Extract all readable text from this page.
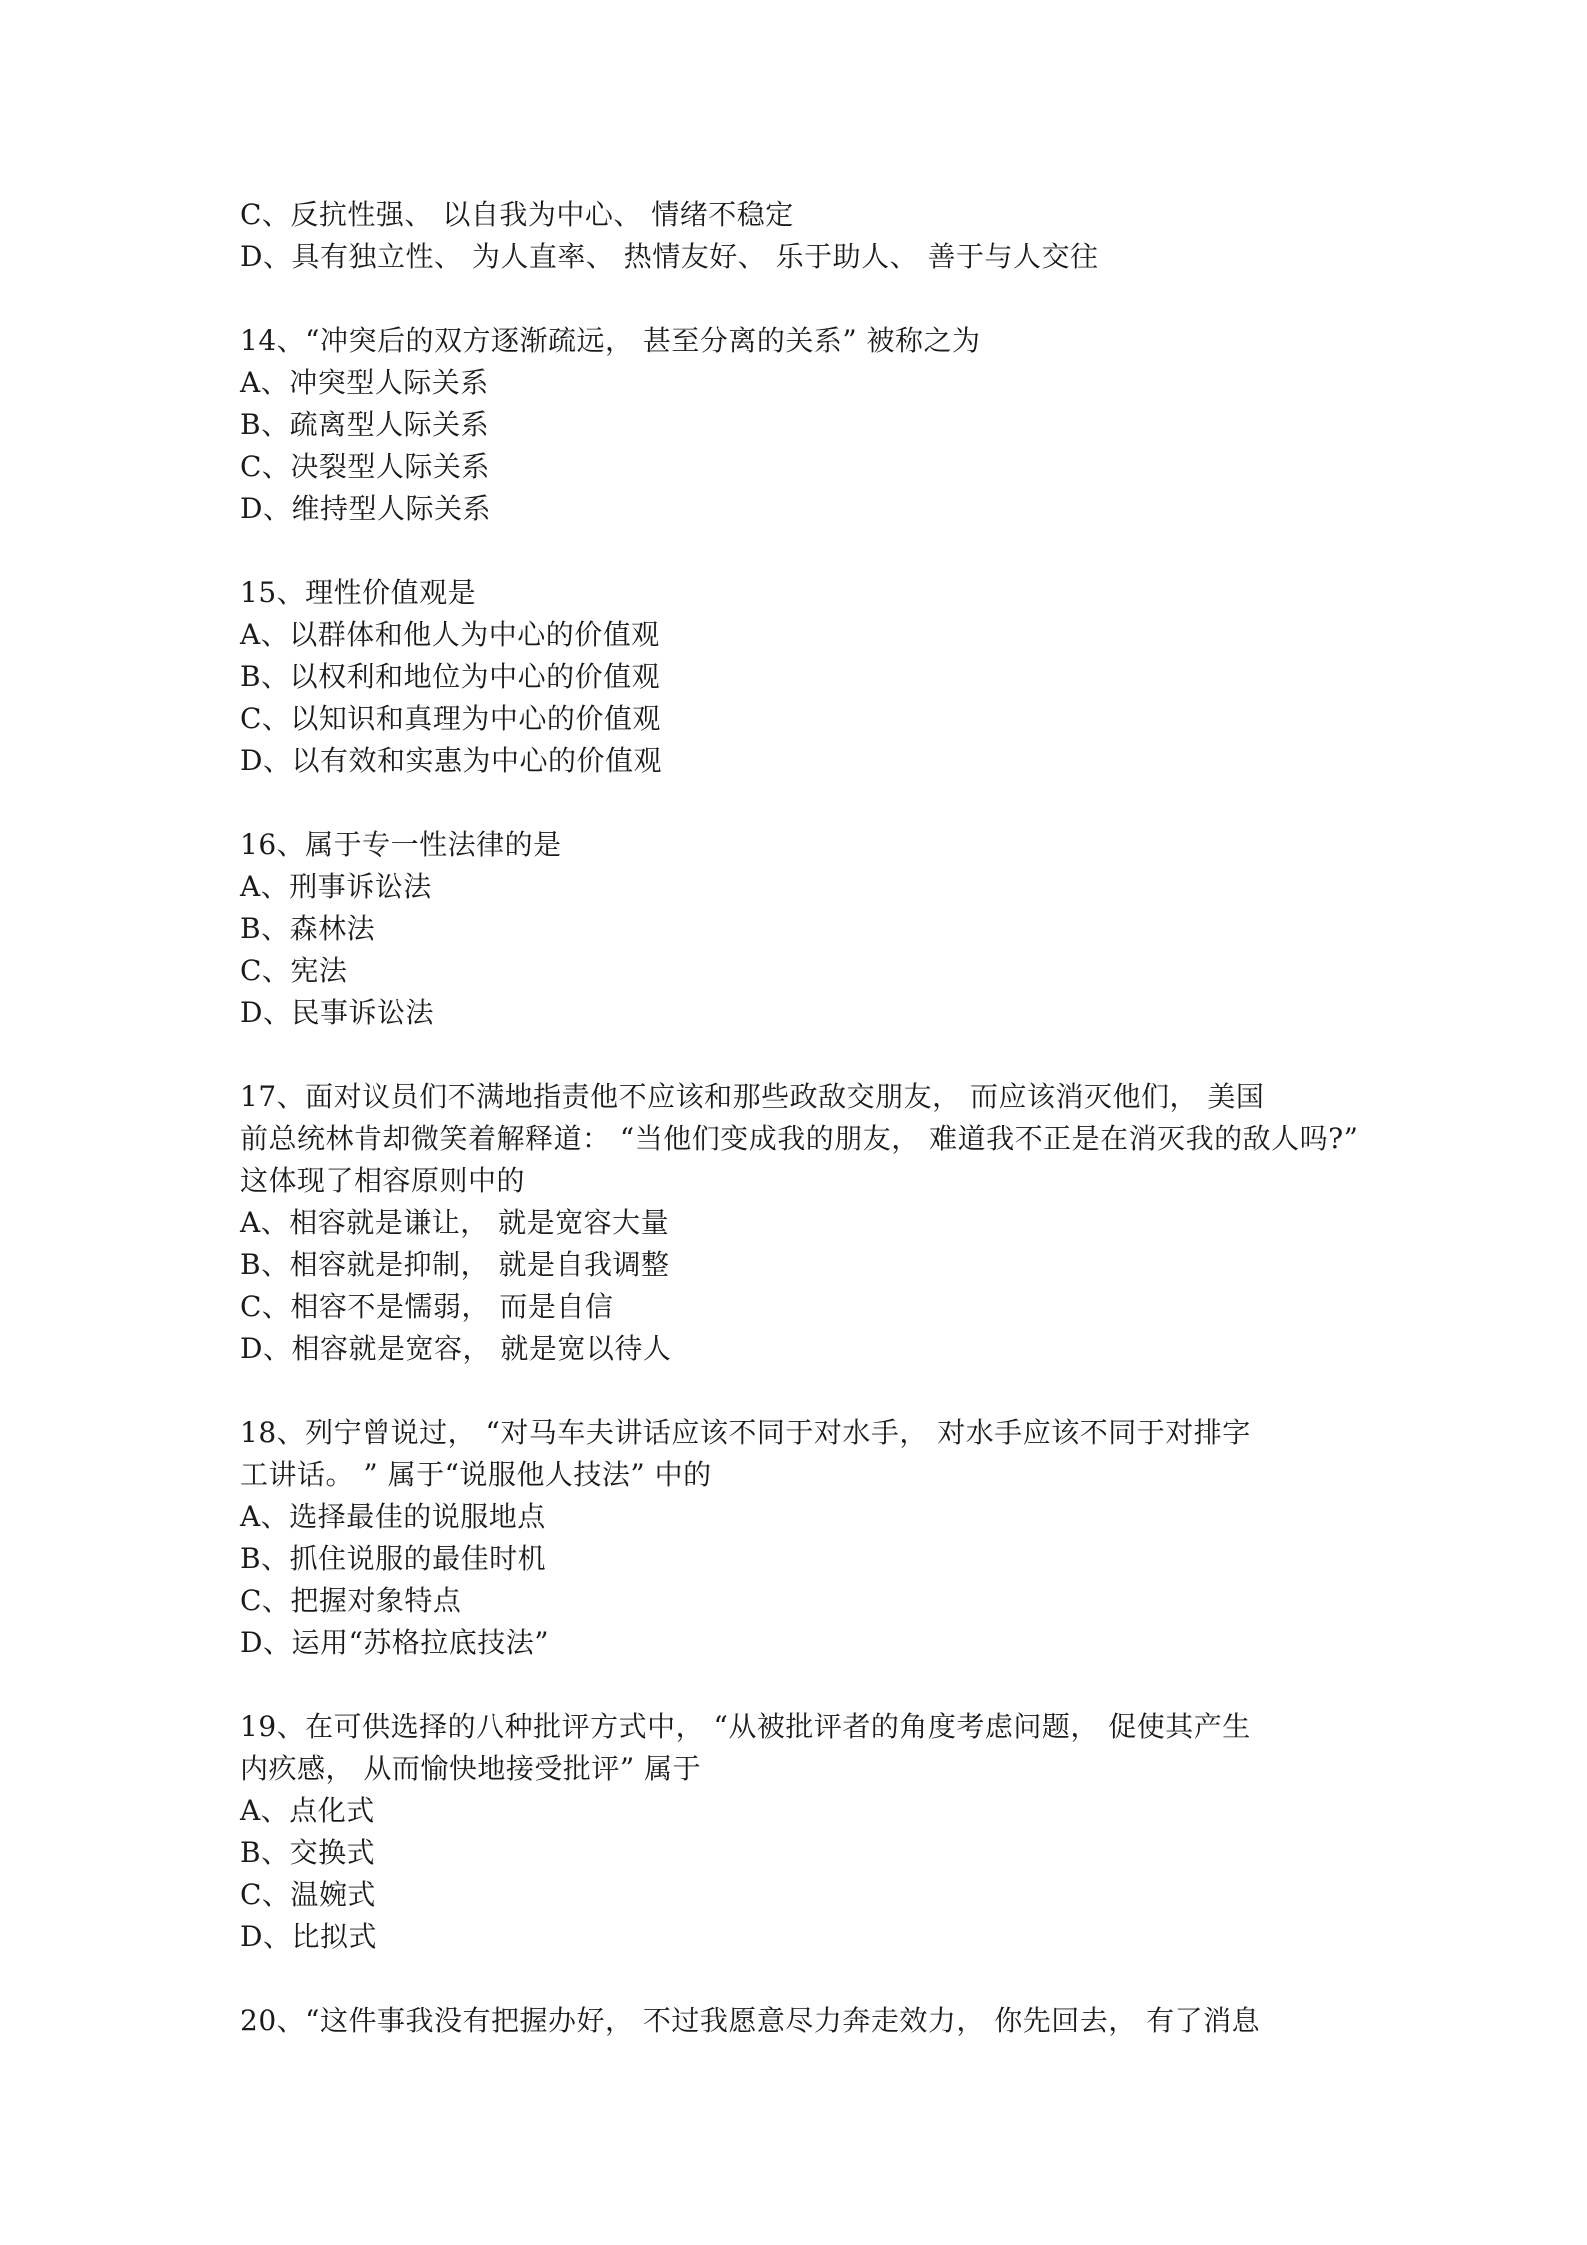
C、反抗性强、 以自我为中心、 情绪不稳定
D、具有独立性、 为人直率、 热情友好、 乐于助人、 善于与人交往
14、“冲突后的双方逐渐疏远， 甚至分离的关系” 被称之为
A、冲突型人际关系
B、疏离型人际关系
C、决裂型人际关系
D、维持型人际关系
15、理性价值观是
A、以群体和他人为中心的价值观
B、以权利和地位为中心的价值观
C、以知识和真理为中心的价值观
D、以有效和实惠为中心的价值观
16、属于专一性法律的是
A、刑事诉讼法
B、森林法
C、宪法
D、民事诉讼法
17、面对议员们不满地指责他不应该和那些政敌交朋友， 而应该消灭他们， 美国
前总统林肯却微笑着解释道： “当他们变成我的朋友， 难道我不正是在消灭我的敌人吗?”
这体现了相容原则中的
A、相容就是谦让， 就是宽容大量
B、相容就是抑制， 就是自我调整
C、相容不是懦弱， 而是自信
D、相容就是宽容， 就是宽以待人
18、列宁曾说过， “对马车夫讲话应该不同于对水手， 对水手应该不同于对排字
工讲话。 ” 属于“说服他人技法” 中的
A、选择最佳的说服地点
B、抓住说服的最佳时机
C、把握对象特点
D、运用“苏格拉底技法”
19、在可供选择的八种批评方式中， “从被批评者的角度考虑问题， 促使其产生
内疚感， 从而愉快地接受批评” 属于
A、点化式
B、交换式
C、温婉式
D、比拟式
20、“这件事我没有把握办好， 不过我愿意尽力奔走效力， 你先回去， 有了消息
